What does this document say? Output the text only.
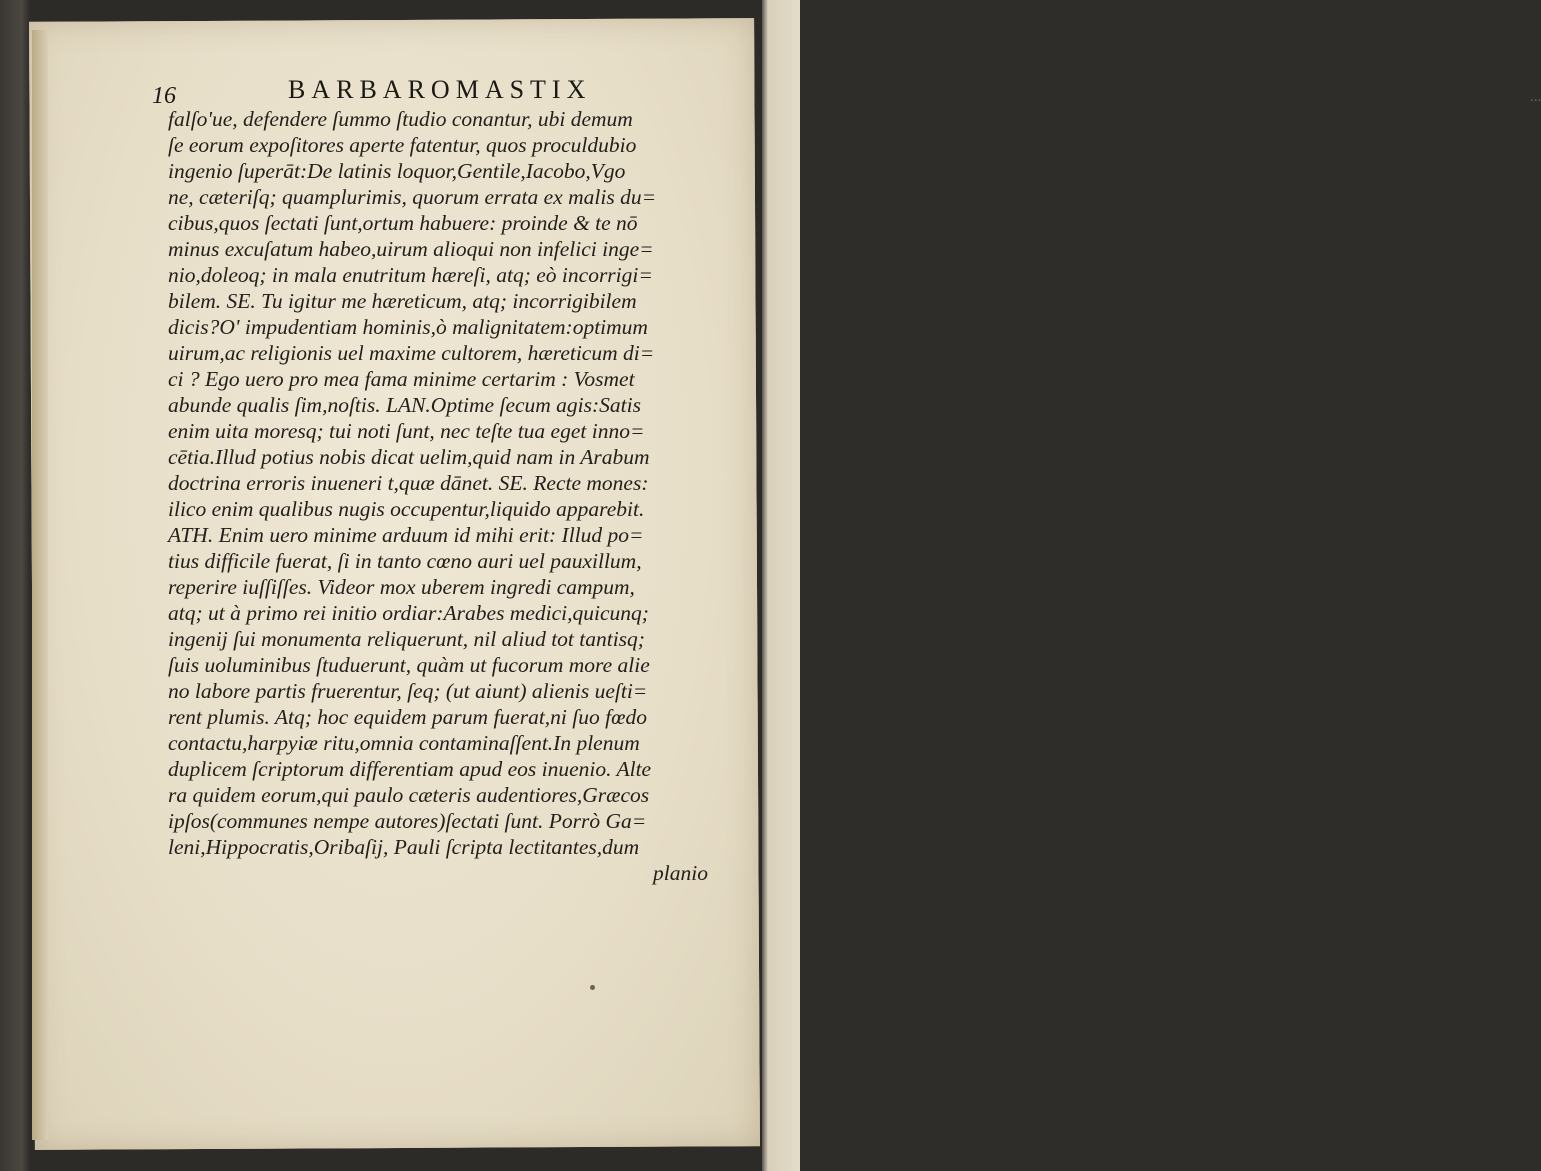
...
16	BARBAROMASTIX
falſo'ue, defendere ſummo ſtudio conantur, ubi demum
ſe eorum expoſitores aperte fatentur, quos proculdubio
ingenio ſuperāt:De latinis loquor,Gentile,Iacobo,Vgo
ne, cæteriſq; quamplurimis, quorum errata ex malis du=
cibus,quos ſectati ſunt,ortum habuere: proinde & te nō
minus excuſatum habeo,uirum alioqui non infelici inge=
nio,doleoq; in mala enutritum hæreſi, atq; eò incorrigi=
bilem. SE. Tu igitur me hæreticum, atq; incorrigibilem
dicis?O' impudentiam hominis,ò malignitatem:optimum
uirum,ac religionis uel maxime cultorem, hæreticum di=
ci ? Ego uero pro mea fama minime certarim : Vosmet
abunde qualis ſim,noſtis. LAN.Optime ſecum agis:Satis
enim uita moresq; tui noti ſunt, nec teſte tua eget inno=
cētia.Illud potius nobis dicat uelim,quid nam in Arabum
doctrina erroris inueneri t,quæ dānet. SE. Recte mones:
ilico enim qualibus nugis occupentur,liquido apparebit.
ATH. Enim uero minime arduum id mihi erit: Illud po=
tius difficile fuerat, ſi in tanto cœno auri uel pauxillum,
reperire iuſſiſſes. Videor mox uberem ingredi campum,
atq; ut à primo rei initio ordiar:Arabes medici,quicunq;
ingenij ſui monumenta reliquerunt, nil aliud tot tantisq;
ſuis uoluminibus ſtuduerunt, quàm ut fucorum more alie
no labore partis fruerentur, ſeq; (ut aiunt) alienis ueſti=
rent plumis. Atq; hoc equidem parum fuerat,ni ſuo fœdo
contactu,harpyiæ ritu,omnia contaminaſſent.In plenum
duplicem ſcriptorum differentiam apud eos inuenio. Alte
ra quidem eorum,qui paulo cæteris audentiores,Græcos
ipſos(communes nempe autores)ſectati ſunt. Porrò Ga=
leni,Hippocratis,Oribaſij, Pauli ſcripta lectitantes,dum
planio
